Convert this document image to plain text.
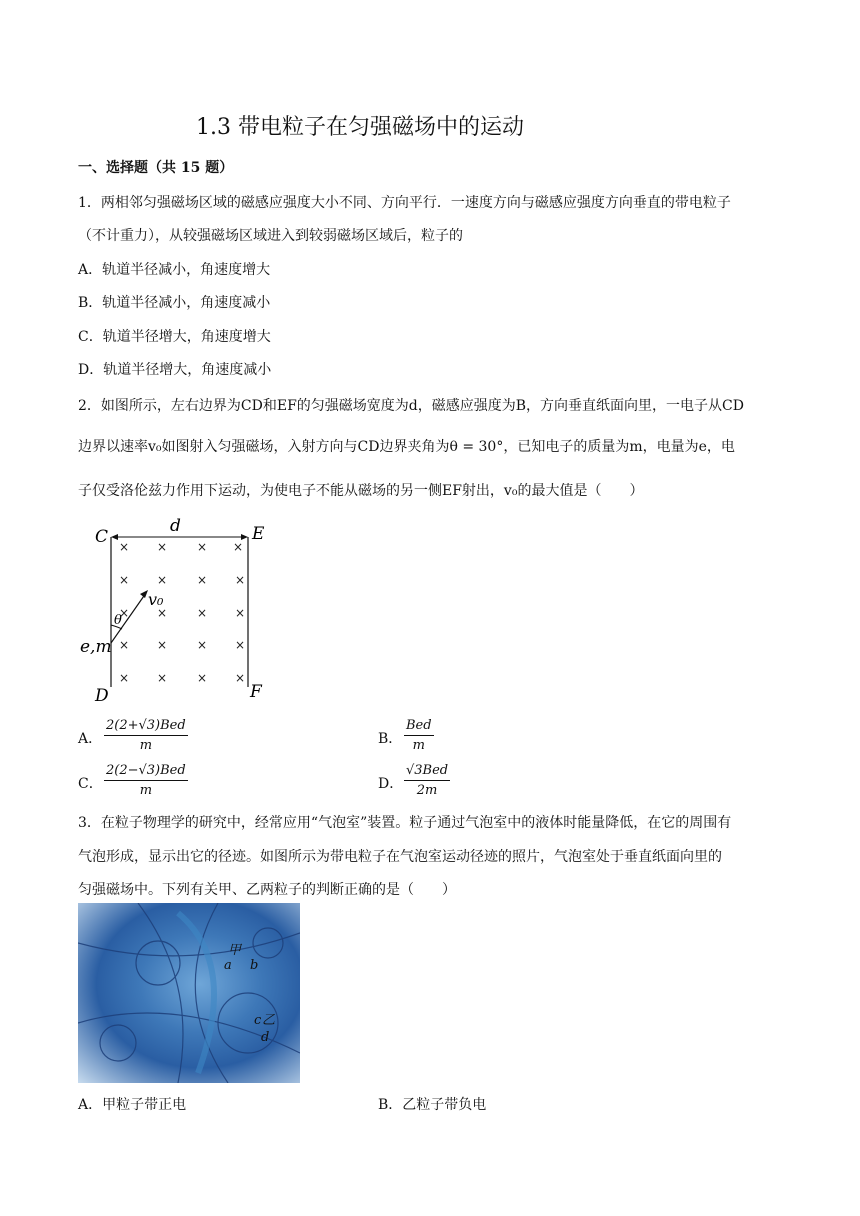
1.3 带电粒子在匀强磁场中的运动
一、选择题（共 15 题）
1．两相邻匀强磁场区域的磁感应强度大小不同、方向平行．一速度方向与磁感应强度方向垂直的带电粒子
（不计重力），从较强磁场区域进入到较弱磁场区域后，粒子的
A．轨道半径减小，角速度增大
B．轨道半径减小，角速度减小
C．轨道半径增大，角速度增大
D．轨道半径增大，角速度减小
2．如图所示，左右边界为CD和EF的匀强磁场宽度为d，磁感应强度为B，方向垂直纸面向里，一电子从CD
边界以速率v₀如图射入匀强磁场，入射方向与CD边界夹角为θ = 30°，已知电子的质量为m，电量为e，电
子仅受洛伦兹力作用下运动，为使电子不能从磁场的另一侧EF射出，v₀的最大值是（　　）
× × × ×
× × × ×
× × × ×
× × × ×
× × × ×
C
D
E
F
d
v₀
θ
e,m
A．
2(2+√3)Bed
m	B．
Bed
m
C．
2(2−√3)Bed
m	D．
√3Bed
2m
3．在粒子物理学的研究中，经常应用“气泡室”装置。粒子通过气泡室中的液体时能量降低，在它的周围有
气泡形成，显示出它的径迹。如图所示为带电粒子在气泡室运动径迹的照片，气泡室处于垂直纸面向里的
匀强磁场中。下列有关甲、乙两粒子的判断正确的是（　　）
甲
a b
c 乙
d
A．甲粒子带正电	B．乙粒子带负电
